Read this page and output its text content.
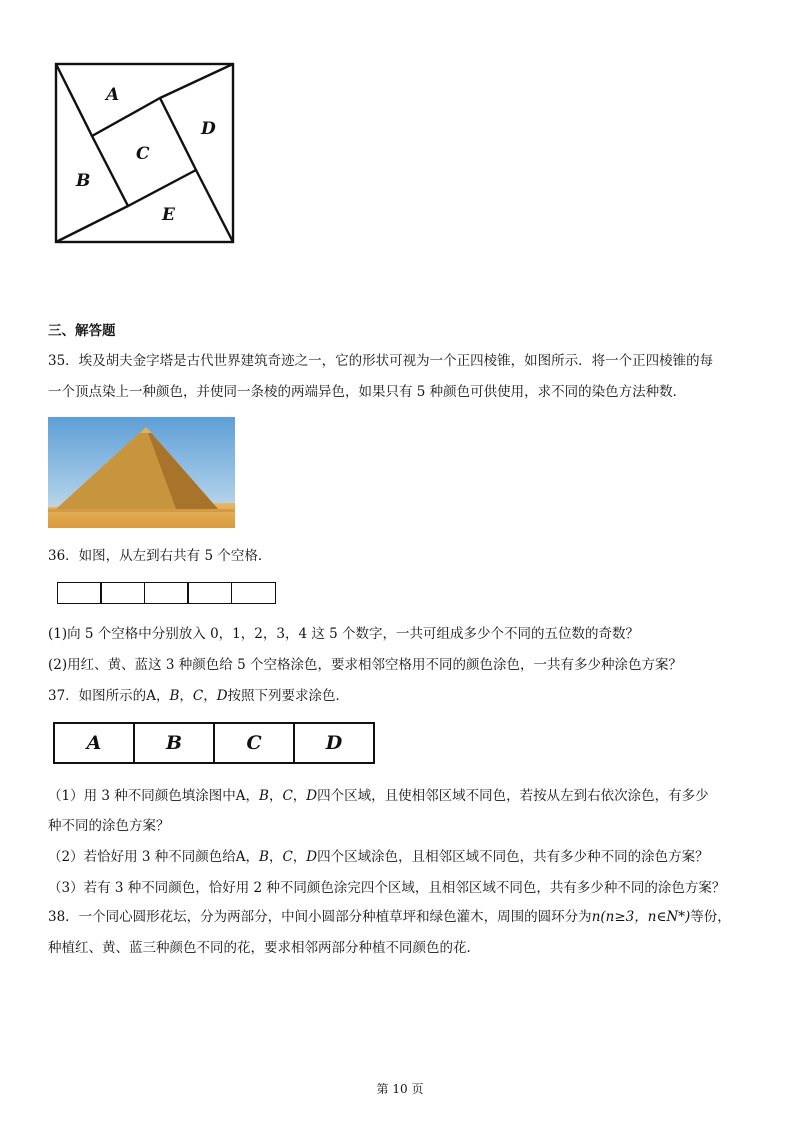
A
B
C
D
E
三、解答题
35．埃及胡夫金字塔是古代世界建筑奇迹之一，它的形状可视为一个正四棱锥，如图所示．将一个正四棱锥的每
一个顶点染上一种颜色，并使同一条棱的两端异色，如果只有 5 种颜色可供使用，求不同的染色方法种数．
36．如图，从左到右共有 5 个空格．
(1)向 5 个空格中分别放入 0，1，2，3，4 这 5 个数字，一共可组成多少个不同的五位数的奇数？
(2)用红、黄、蓝这 3 种颜色给 5 个空格涂色，要求相邻空格用不同的颜色涂色，一共有多少种涂色方案？
37．如图所示的A，B，C，D按照下列要求涂色．
A	B	C	D
（1）用 3 种不同颜色填涂图中A，B，C，D四个区域，且使相邻区域不同色，若按从左到右依次涂色，有多少
种不同的涂色方案？
（2）若恰好用 3 种不同颜色给A，B，C，D四个区域涂色，且相邻区域不同色，共有多少种不同的涂色方案？
（3）若有 3 种不同颜色，恰好用 2 种不同颜色涂完四个区域，且相邻区域不同色，共有多少种不同的涂色方案？
38．一个同心圆形花坛，分为两部分，中间小圆部分种植草坪和绿色灌木，周围的圆环分为n(n≥3，n∈N*)等份，
种植红、黄、蓝三种颜色不同的花，要求相邻两部分种植不同颜色的花．
第 10 页
